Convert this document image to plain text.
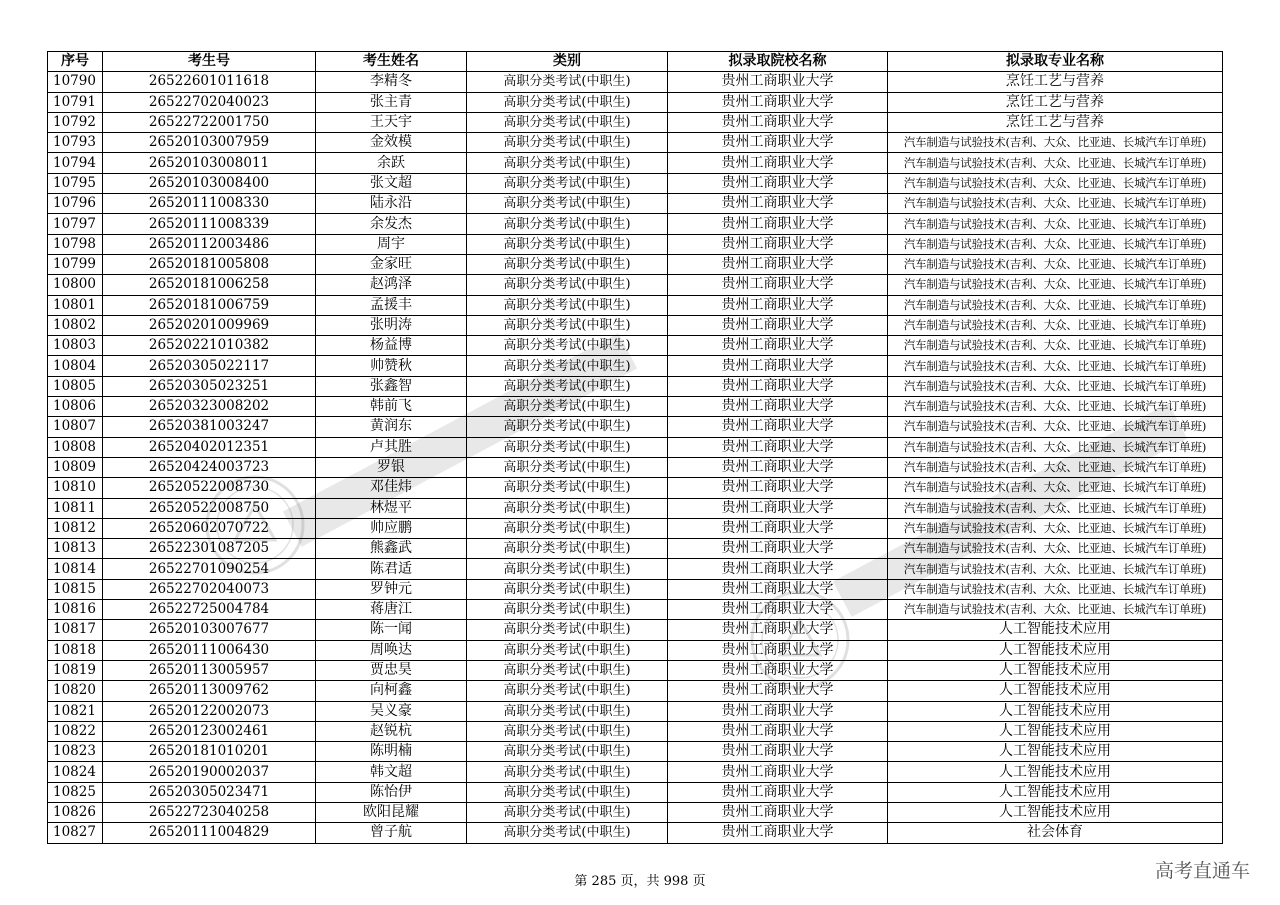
序号	考生号	考生姓名	类别	拟录取院校名称	拟录取专业名称
10790	26522601011618	李精冬	高职分类考试(中职生)	贵州工商职业大学	烹饪工艺与营养
10791	26522702040023	张主青	高职分类考试(中职生)	贵州工商职业大学	烹饪工艺与营养
10792	26522722001750	王天宇	高职分类考试(中职生)	贵州工商职业大学	烹饪工艺与营养
10793	26520103007959	金效模	高职分类考试(中职生)	贵州工商职业大学	汽车制造与试验技术(吉利、大众、比亚迪、长城汽车订单班)
10794	26520103008011	余跃	高职分类考试(中职生)	贵州工商职业大学	汽车制造与试验技术(吉利、大众、比亚迪、长城汽车订单班)
10795	26520103008400	张文超	高职分类考试(中职生)	贵州工商职业大学	汽车制造与试验技术(吉利、大众、比亚迪、长城汽车订单班)
10796	26520111008330	陆永沿	高职分类考试(中职生)	贵州工商职业大学	汽车制造与试验技术(吉利、大众、比亚迪、长城汽车订单班)
10797	26520111008339	余发杰	高职分类考试(中职生)	贵州工商职业大学	汽车制造与试验技术(吉利、大众、比亚迪、长城汽车订单班)
10798	26520112003486	周宇	高职分类考试(中职生)	贵州工商职业大学	汽车制造与试验技术(吉利、大众、比亚迪、长城汽车订单班)
10799	26520181005808	金家旺	高职分类考试(中职生)	贵州工商职业大学	汽车制造与试验技术(吉利、大众、比亚迪、长城汽车订单班)
10800	26520181006258	赵鸿泽	高职分类考试(中职生)	贵州工商职业大学	汽车制造与试验技术(吉利、大众、比亚迪、长城汽车订单班)
10801	26520181006759	孟援丰	高职分类考试(中职生)	贵州工商职业大学	汽车制造与试验技术(吉利、大众、比亚迪、长城汽车订单班)
10802	26520201009969	张明涛	高职分类考试(中职生)	贵州工商职业大学	汽车制造与试验技术(吉利、大众、比亚迪、长城汽车订单班)
10803	26520221010382	杨益博	高职分类考试(中职生)	贵州工商职业大学	汽车制造与试验技术(吉利、大众、比亚迪、长城汽车订单班)
10804	26520305022117	帅赞秋	高职分类考试(中职生)	贵州工商职业大学	汽车制造与试验技术(吉利、大众、比亚迪、长城汽车订单班)
10805	26520305023251	张鑫智	高职分类考试(中职生)	贵州工商职业大学	汽车制造与试验技术(吉利、大众、比亚迪、长城汽车订单班)
10806	26520323008202	韩前飞	高职分类考试(中职生)	贵州工商职业大学	汽车制造与试验技术(吉利、大众、比亚迪、长城汽车订单班)
10807	26520381003247	黄润东	高职分类考试(中职生)	贵州工商职业大学	汽车制造与试验技术(吉利、大众、比亚迪、长城汽车订单班)
10808	26520402012351	卢其胜	高职分类考试(中职生)	贵州工商职业大学	汽车制造与试验技术(吉利、大众、比亚迪、长城汽车订单班)
10809	26520424003723	罗银	高职分类考试(中职生)	贵州工商职业大学	汽车制造与试验技术(吉利、大众、比亚迪、长城汽车订单班)
10810	26520522008730	邓佳炜	高职分类考试(中职生)	贵州工商职业大学	汽车制造与试验技术(吉利、大众、比亚迪、长城汽车订单班)
10811	26520522008750	林煜平	高职分类考试(中职生)	贵州工商职业大学	汽车制造与试验技术(吉利、大众、比亚迪、长城汽车订单班)
10812	26520602070722	帅应鹏	高职分类考试(中职生)	贵州工商职业大学	汽车制造与试验技术(吉利、大众、比亚迪、长城汽车订单班)
10813	26522301087205	熊鑫武	高职分类考试(中职生)	贵州工商职业大学	汽车制造与试验技术(吉利、大众、比亚迪、长城汽车订单班)
10814	26522701090254	陈君适	高职分类考试(中职生)	贵州工商职业大学	汽车制造与试验技术(吉利、大众、比亚迪、长城汽车订单班)
10815	26522702040073	罗钟元	高职分类考试(中职生)	贵州工商职业大学	汽车制造与试验技术(吉利、大众、比亚迪、长城汽车订单班)
10816	26522725004784	蒋唐江	高职分类考试(中职生)	贵州工商职业大学	汽车制造与试验技术(吉利、大众、比亚迪、长城汽车订单班)
10817	26520103007677	陈一闻	高职分类考试(中职生)	贵州工商职业大学	人工智能技术应用
10818	26520111006430	周唤达	高职分类考试(中职生)	贵州工商职业大学	人工智能技术应用
10819	26520113005957	贾忠昊	高职分类考试(中职生)	贵州工商职业大学	人工智能技术应用
10820	26520113009762	向柯鑫	高职分类考试(中职生)	贵州工商职业大学	人工智能技术应用
10821	26520122002073	吴义豪	高职分类考试(中职生)	贵州工商职业大学	人工智能技术应用
10822	26520123002461	赵锐杭	高职分类考试(中职生)	贵州工商职业大学	人工智能技术应用
10823	26520181010201	陈明楠	高职分类考试(中职生)	贵州工商职业大学	人工智能技术应用
10824	26520190002037	韩文超	高职分类考试(中职生)	贵州工商职业大学	人工智能技术应用
10825	26520305023471	陈怡伊	高职分类考试(中职生)	贵州工商职业大学	人工智能技术应用
10826	26522723040258	欧阳昆耀	高职分类考试(中职生)	贵州工商职业大学	人工智能技术应用
10827	26520111004829	曾子航	高职分类考试(中职生)	贵州工商职业大学	社会体育
第 285 页，共 998 页	高考直通车
